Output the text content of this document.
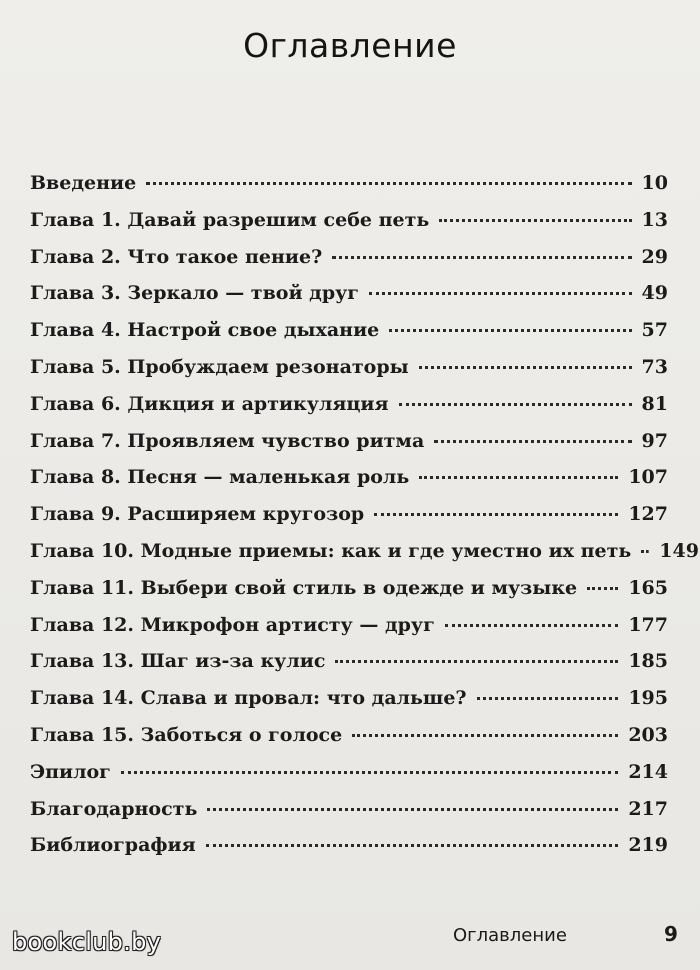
Оглавление
Введение	10
Глава 1. Давай разрешим себе петь	13
Глава 2. Что такое пение?	29
Глава 3. Зеркало — твой друг	49
Глава 4. Настрой свое дыхание	57
Глава 5. Пробуждаем резонаторы	73
Глава 6. Дикция и артикуляция	81
Глава 7. Проявляем чувство ритма	97
Глава 8. Песня — маленькая роль	107
Глава 9. Расширяем кругозор	127
Глава 10. Модные приемы: как и где уместно их петь	149
Глава 11. Выбери свой стиль в одежде и музыке	165
Глава 12. Микрофон артисту — друг	177
Глава 13. Шаг из-за кулис	185
Глава 14. Слава и провал: что дальше?	195
Глава 15. Заботься о голосе	203
Эпилог	214
Благодарность	217
Библиография	219
bookclub.by	Оглавление	9
